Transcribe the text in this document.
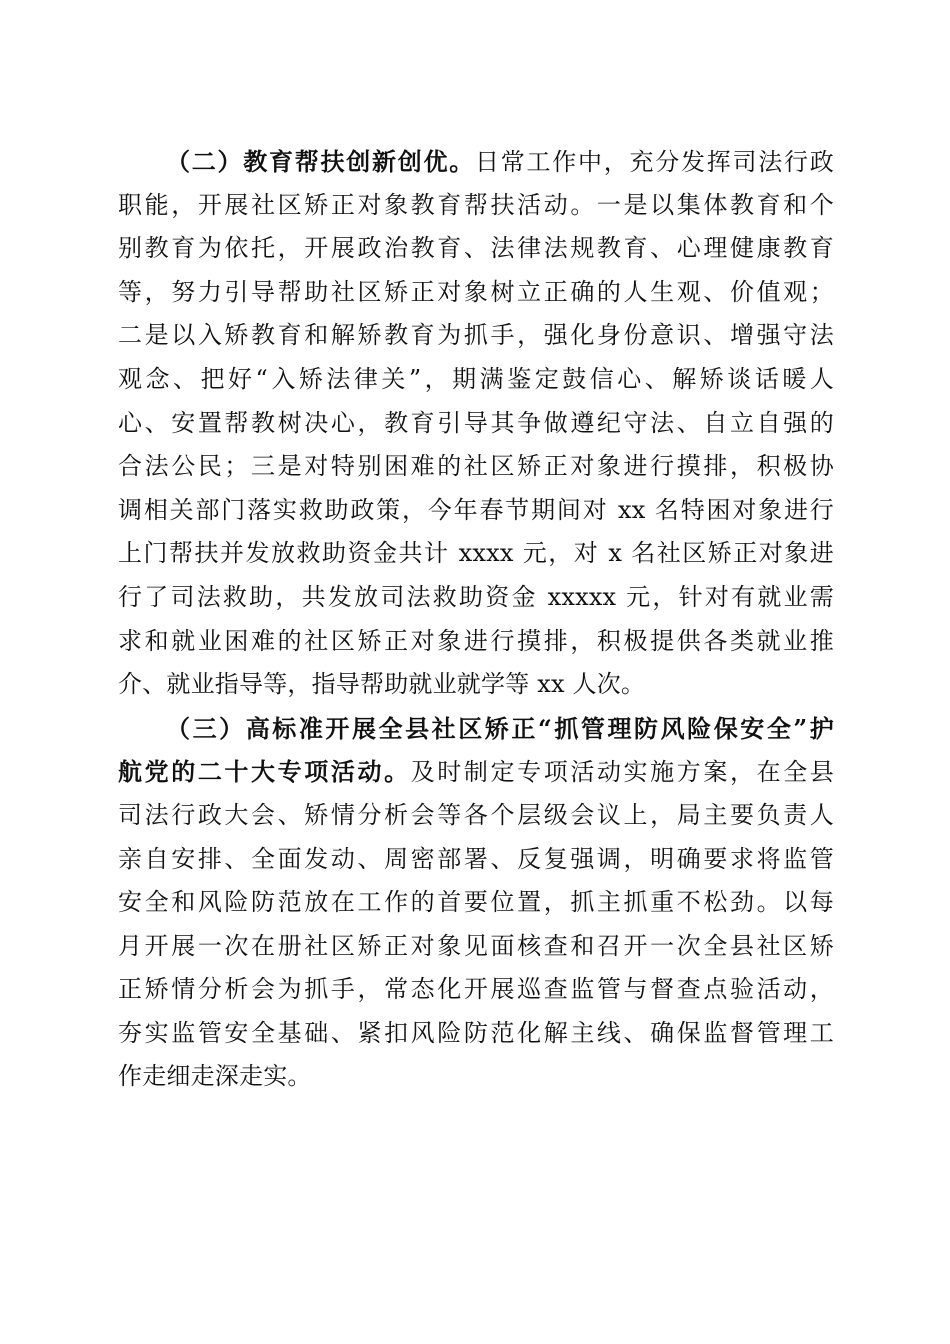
（二）教育帮扶创新创优。日常工作中，充分发挥司法行政
职能，开展社区矫正对象教育帮扶活动。一是以集体教育和个
别教育为依托，开展政治教育、法律法规教育、心理健康教育
等，努力引导帮助社区矫正对象树立正确的人生观、价值观；
二是以入矫教育和解矫教育为抓手，强化身份意识、增强守法
观念、把好“入矫法律关”，期满鉴定鼓信心、解矫谈话暖人
心、安置帮教树决心，教育引导其争做遵纪守法、自立自强的
合法公民；三是对特别困难的社区矫正对象进行摸排，积极协
调相关部门落实救助政策，今年春节期间对 xx 名特困对象进行
上门帮扶并发放救助资金共计 xxxx 元，对 x 名社区矫正对象进
行了司法救助，共发放司法救助资金 xxxxx 元，针对有就业需
求和就业困难的社区矫正对象进行摸排，积极提供各类就业推
介、就业指导等，指导帮助就业就学等 xx 人次。
（三）高标准开展全县社区矫正“抓管理防风险保安全”护
航党的二十大专项活动。及时制定专项活动实施方案，在全县
司法行政大会、矫情分析会等各个层级会议上，局主要负责人
亲自安排、全面发动、周密部署、反复强调，明确要求将监管
安全和风险防范放在工作的首要位置，抓主抓重不松劲。以每
月开展一次在册社区矫正对象见面核查和召开一次全县社区矫
正矫情分析会为抓手，常态化开展巡查监管与督查点验活动，
夯实监管安全基础、紧扣风险防范化解主线、确保监督管理工
作走细走深走实。
